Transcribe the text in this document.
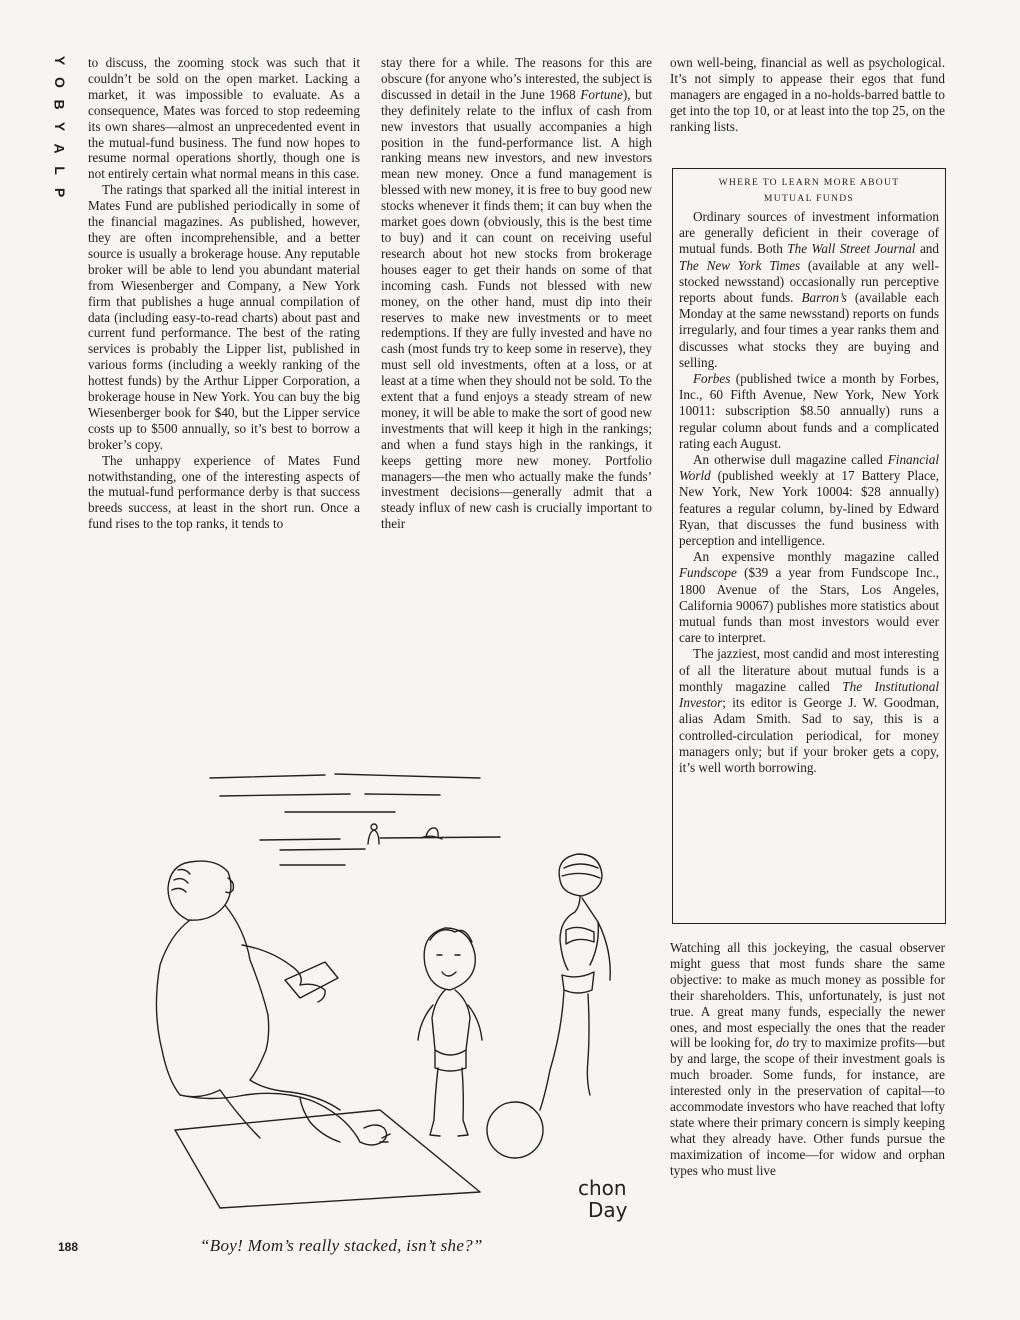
Y
O
B
Y
A
L
P

to discuss, the zooming stock was such that it couldn’t be sold on the open market. Lacking a market, it was impossible to evaluate. As a consequence, Mates was forced to stop redeeming its own shares—almost an unprecedented event in the mutual-fund business. The fund now hopes to resume normal operations shortly, though one is not entirely certain what normal means in this case.

The ratings that sparked all the initial interest in Mates Fund are published periodically in some of the financial magazines. As published, however, they are often incomprehensible, and a better source is usually a brokerage house. Any reputable broker will be able to lend you abundant material from Wiesenberger and Company, a New York firm that publishes a huge annual compilation of data (including easy-to-read charts) about past and current fund performance. The best of the rating services is probably the Lipper list, published in various forms (including a weekly ranking of the hottest funds) by the Arthur Lipper Corporation, a brokerage house in New York. You can buy the big Wiesenberger book for $40, but the Lipper service costs up to $500 annually, so it’s best to borrow a broker’s copy.

The unhappy experience of Mates Fund notwithstanding, one of the interesting aspects of the mutual-fund performance derby is that success breeds success, at least in the short run. Once a fund rises to the top ranks, it tends to

stay there for a while. The reasons for this are obscure (for anyone who’s interested, the subject is discussed in detail in the June 1968 Fortune), but they definitely relate to the influx of cash from new investors that usually accompanies a high position in the fund-performance list. A high ranking means new investors, and new investors mean new money. Once a fund management is blessed with new money, it is free to buy good new stocks whenever it finds them; it can buy when the market goes down (obviously, this is the best time to buy) and it can count on receiving useful research about hot new stocks from brokerage houses eager to get their hands on some of that incoming cash. Funds not blessed with new money, on the other hand, must dip into their reserves to make new investments or to meet redemptions. If they are fully invested and have no cash (most funds try to keep some in reserve), they must sell old investments, often at a loss, or at least at a time when they should not be sold. To the extent that a fund enjoys a steady stream of new money, it will be able to make the sort of good new investments that will keep it high in the rankings; and when a fund stays high in the rankings, it keeps getting more new money. Portfolio managers—the men who actually make the funds’ investment decisions—generally admit that a steady influx of new cash is crucially important to their

own well-being, financial as well as psychological. It’s not simply to appease their egos that fund managers are engaged in a no-holds-barred battle to get into the top 10, or at least into the top 25, on the ranking lists.

WHERE TO LEARN MORE ABOUT
MUTUAL FUNDS

Ordinary sources of investment information are generally deficient in their coverage of mutual funds. Both The Wall Street Journal and The New York Times (available at any well-stocked newsstand) occasionally run perceptive reports about funds. Barron’s (available each Monday at the same newsstand) reports on funds irregularly, and four times a year ranks them and discusses what stocks they are buying and selling.

Forbes (published twice a month by Forbes, Inc., 60 Fifth Avenue, New York, New York 10011: subscription $8.50 annually) runs a regular column about funds and a complicated rating each August.

An otherwise dull magazine called Financial World (published weekly at 17 Battery Place, New York, New York 10004: $28 annually) features a regular column, by-lined by Edward Ryan, that discusses the fund business with perception and intelligence.

An expensive monthly magazine called Fundscope ($39 a year from Fundscope Inc., 1800 Avenue of the Stars, Los Angeles, California 90067) publishes more statistics about mutual funds than most investors would ever care to interpret.

The jazziest, most candid and most interesting of all the literature about mutual funds is a monthly magazine called The Institutional Investor; its editor is George J. W. Goodman, alias Adam Smith. Sad to say, this is a controlled-circulation periodical, for money managers only; but if your broker gets a copy, it’s well worth borrowing.

Watching all this jockeying, the casual observer might guess that most funds share the same objective: to make as much money as possible for their shareholders. This, unfortunately, is just not true. A great many funds, especially the newer ones, and most especially the ones that the reader will be looking for, do try to maximize profits—but by and large, the scope of their investment goals is much broader. Some funds, for instance, are interested only in the preservation of capital—to accommodate investors who have reached that lofty state where their primary concern is simply keeping what they already have. Other funds pursue the maximization of income—for widow and orphan types who must live

chon
Day
188	“Boy! Mom’s really stacked, isn’t she?”
